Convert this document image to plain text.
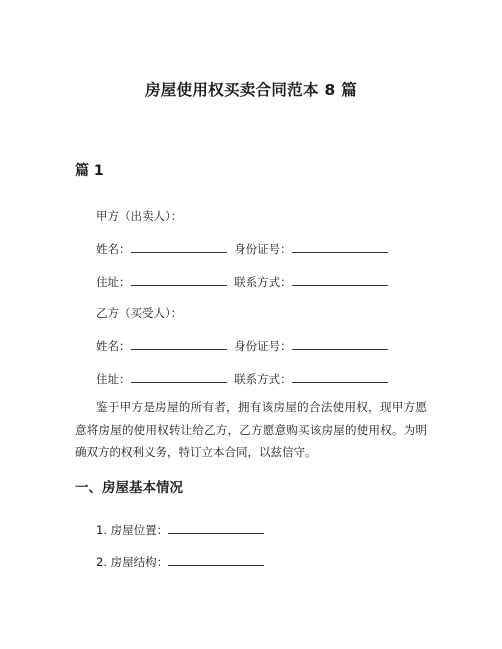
房屋使用权买卖合同范本 8 篇
篇 1
甲方（出卖人）：
姓名：	身份证号：
住址：	联系方式：
乙方（买受人）：
姓名：	身份证号：
住址：	联系方式：
鉴于甲方是房屋的所有者，拥有该房屋的合法使用权，现甲方愿意将房屋的使用权转让给乙方，乙方愿意购买该房屋的使用权。为明确双方的权利义务，特订立本合同，以兹信守。
一、房屋基本情况
1. 房屋位置：
2. 房屋结构：
